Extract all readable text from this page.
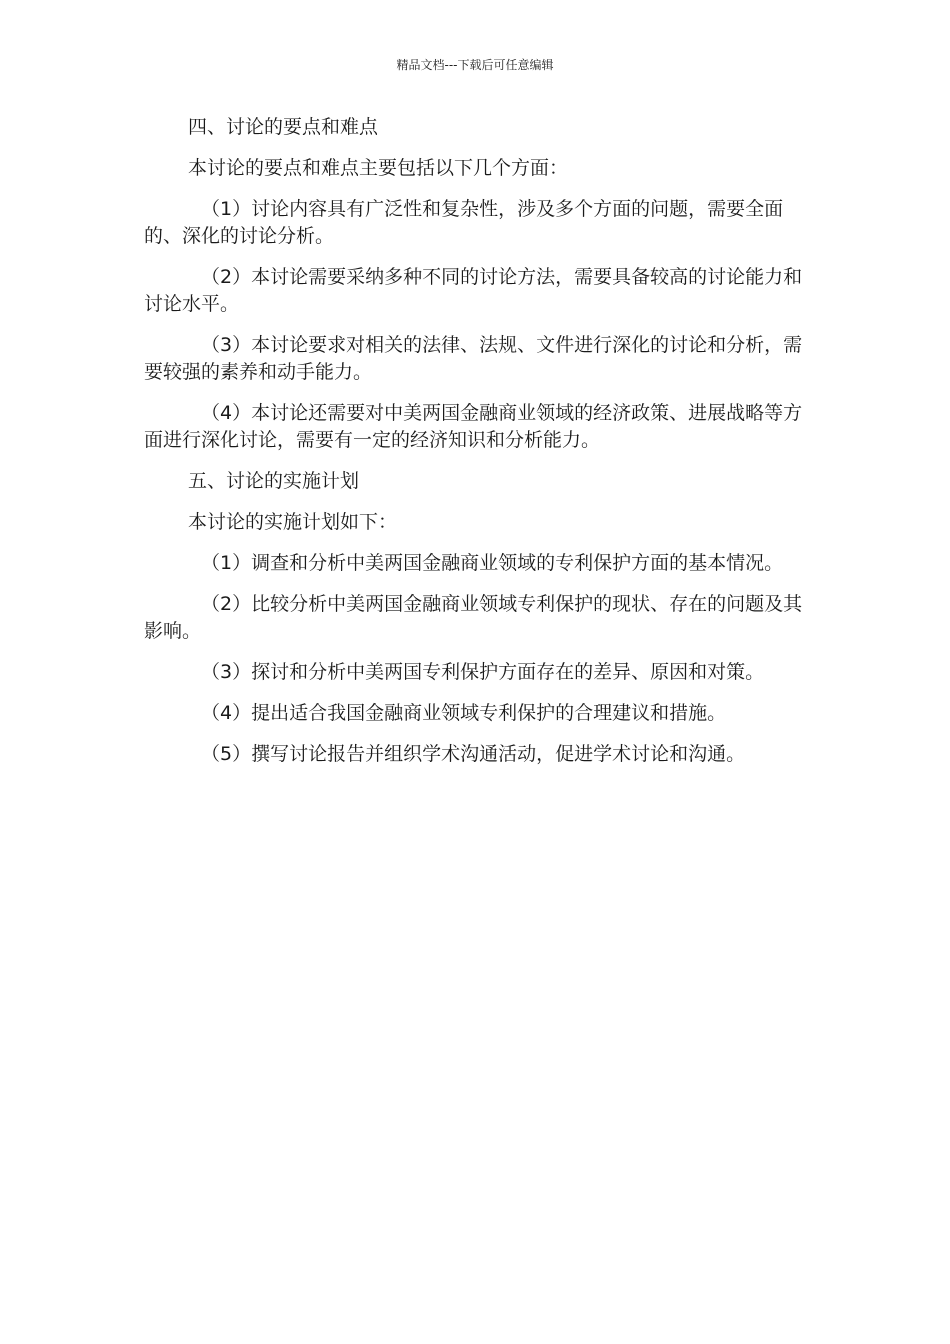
精品文档---下载后可任意编辑

四、讨论的要点和难点

本讨论的要点和难点主要包括以下几个方面：

（1）讨论内容具有广泛性和复杂性，涉及多个方面的问题，需要全面的、深化的讨论分析。

（2）本讨论需要采纳多种不同的讨论方法，需要具备较高的讨论能力和讨论水平。

（3）本讨论要求对相关的法律、法规、文件进行深化的讨论和分析，需要较强的素养和动手能力。

（4）本讨论还需要对中美两国金融商业领域的经济政策、进展战略等方面进行深化讨论，需要有一定的经济知识和分析能力。

五、讨论的实施计划

本讨论的实施计划如下：

（1）调查和分析中美两国金融商业领域的专利保护方面的基本情况。

（2）比较分析中美两国金融商业领域专利保护的现状、存在的问题及其影响。

（3）探讨和分析中美两国专利保护方面存在的差异、原因和对策。

（4）提出适合我国金融商业领域专利保护的合理建议和措施。

（5）撰写讨论报告并组织学术沟通活动，促进学术讨论和沟通。
